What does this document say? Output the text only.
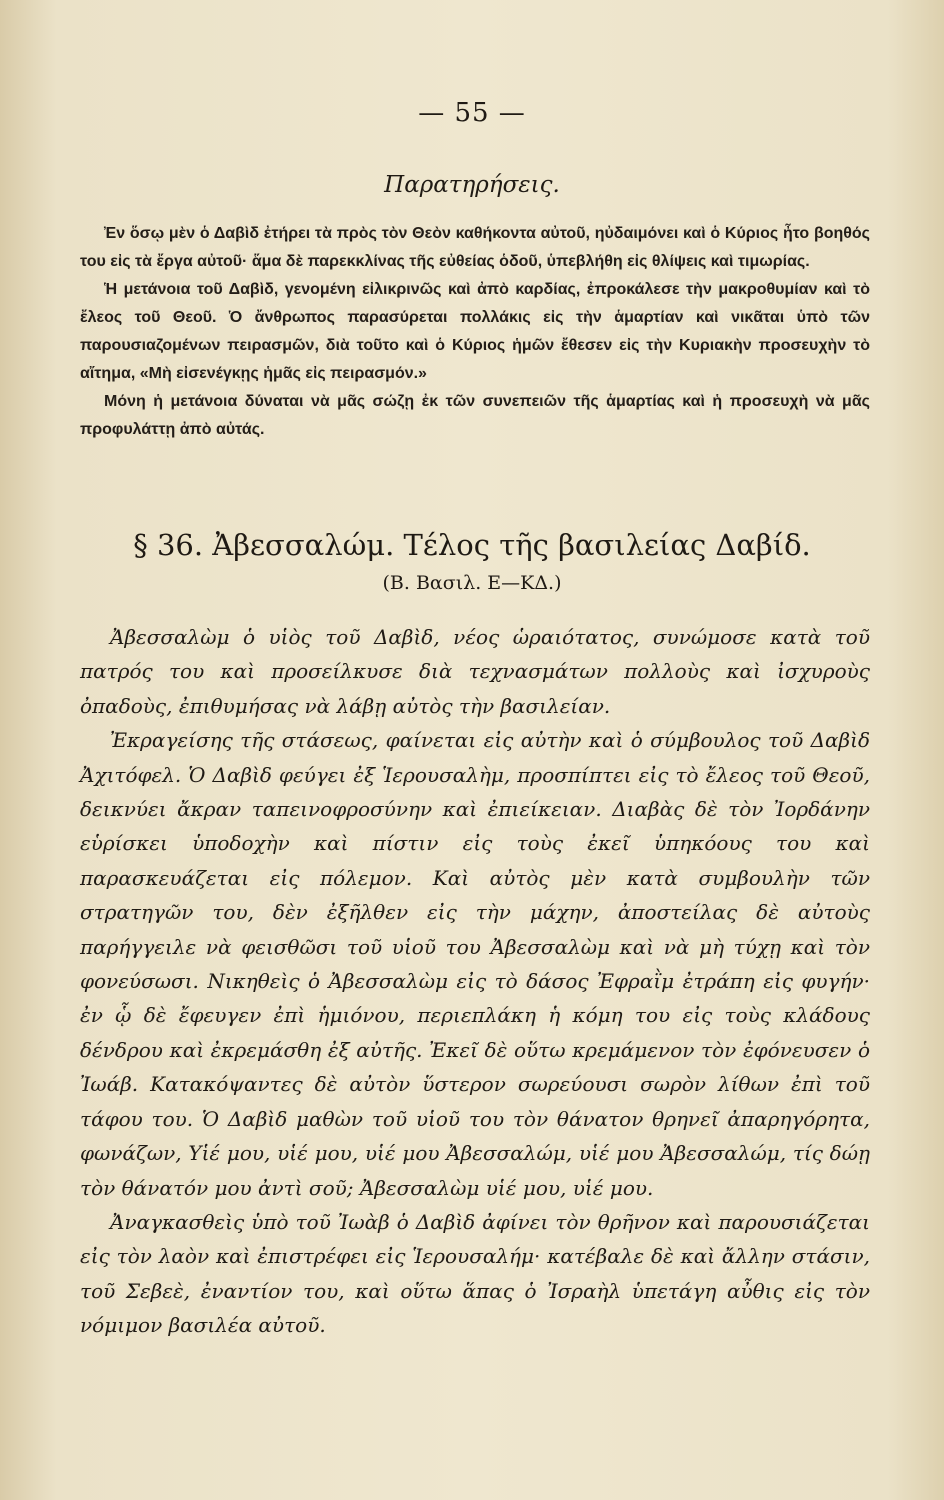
— 55 —
Παρατηρήσεις.

Ἐν ὅσῳ μὲν ὁ Δαβὶδ ἐτήρει τὰ πρὸς τὸν Θεὸν καθήκοντα αὐτοῦ, ηὐδαιμόνει καὶ ὁ Κύριος ἦτο βοηθός του εἰς τὰ ἔργα αὐτοῦ· ἅμα δὲ παρεκκλίνας τῆς εὐθείας ὁδοῦ, ὑπεβλήθη εἰς θλίψεις καὶ τιμωρίας.

Ἡ μετάνοια τοῦ Δαβὶδ, γενομένη εἰλικρινῶς καὶ ἀπὸ καρδίας, ἐπροκάλεσε τὴν μακροθυμίαν καὶ τὸ ἔλεος τοῦ Θεοῦ. Ὁ ἄνθρωπος παρασύρεται πολλάκις εἰς τὴν ἁμαρτίαν καὶ νικᾶται ὑπὸ τῶν παρουσιαζομένων πειρασμῶν, διὰ τοῦτο καὶ ὁ Κύριος ἡμῶν ἔθεσεν εἰς τὴν Κυριακὴν προσευχὴν τὸ αἴτημα, «Μὴ εἰσενέγκῃς ἡμᾶς εἰς πειρασμόν.»

Μόνη ἡ μετάνοια δύναται νὰ μᾶς σώζῃ ἐκ τῶν συνεπειῶν τῆς ἁμαρτίας καὶ ἡ προσευχὴ νὰ μᾶς προφυλάττῃ ἀπὸ αὐτάς.

§ 36. Ἀβεσσαλώμ. Τέλος τῆς βασιλείας Δαβίδ.
(Β. Βασιλ. Ε—ΚΔ.)

Ἀβεσσαλὼμ ὁ υἱὸς τοῦ Δαβὶδ, νέος ὡραιότατος, συνώμοσε κατὰ τοῦ πατρός του καὶ προσείλκυσε διὰ τεχνασμάτων πολλοὺς καὶ ἰσχυροὺς ὀπαδοὺς, ἐπιθυμήσας νὰ λάβῃ αὐτὸς τὴν βασιλείαν.

Ἐκραγείσης τῆς στάσεως, φαίνεται εἰς αὐτὴν καὶ ὁ σύμβουλος τοῦ Δαβὶδ Ἀχιτόφελ. Ὁ Δαβὶδ φεύγει ἐξ Ἱερουσαλὴμ, προσπίπτει εἰς τὸ ἔλεος τοῦ Θεοῦ, δεικνύει ἄκραν ταπεινοφροσύνην καὶ ἐπιείκειαν. Διαβὰς δὲ τὸν Ἰορδάνην εὑρίσκει ὑποδοχὴν καὶ πίστιν εἰς τοὺς ἐκεῖ ὑπηκόους του καὶ παρασκευάζεται εἰς πόλεμον. Καὶ αὐτὸς μὲν κατὰ συμβουλὴν τῶν στρατηγῶν του, δὲν ἐξῆλθεν εἰς τὴν μάχην, ἀποστείλας δὲ αὐτοὺς παρήγγειλε νὰ φεισθῶσι τοῦ υἱοῦ του Ἀβεσσαλὼμ καὶ νὰ μὴ τύχῃ καὶ τὸν φονεύσωσι. Νικηθεὶς ὁ Ἀβεσσαλὼμ εἰς τὸ δάσος Ἐφραῒμ ἐτράπη εἰς φυγήν· ἐν ᾧ δὲ ἔφευγεν ἐπὶ ἡμιόνου, περιεπλάκη ἡ κόμη του εἰς τοὺς κλάδους δένδρου καὶ ἐκρεμάσθη ἐξ αὐτῆς. Ἐκεῖ δὲ οὕτω κρεμάμενον τὸν ἐφόνευσεν ὁ Ἰωάβ. Κατακόψαντες δὲ αὐτὸν ὕστερον σωρεύουσι σωρὸν λίθων ἐπὶ τοῦ τάφου του. Ὁ Δαβὶδ μαθὼν τοῦ υἱοῦ του τὸν θάνατον θρηνεῖ ἀπαρηγόρητα, φωνάζων, Υἱέ μου, υἱέ μου, υἱέ μου Ἀβεσσαλώμ, υἱέ μου Ἀβεσσαλώμ, τίς δώῃ τὸν θάνατόν μου ἀντὶ σοῦ; Ἀβεσσαλὼμ υἱέ μου, υἱέ μου.

Ἀναγκασθεὶς ὑπὸ τοῦ Ἰωὰβ ὁ Δαβὶδ ἀφίνει τὸν θρῆνον καὶ παρουσιάζεται εἰς τὸν λαὸν καὶ ἐπιστρέφει εἰς Ἱερουσαλήμ· κατέβαλε δὲ καὶ ἄλλην στάσιν, τοῦ Σεβεὲ, ἐναντίον του, καὶ οὕτω ἅπας ὁ Ἰσραὴλ ὑπετάγη αὖθις εἰς τὸν νόμιμον βασιλέα αὐτοῦ.
